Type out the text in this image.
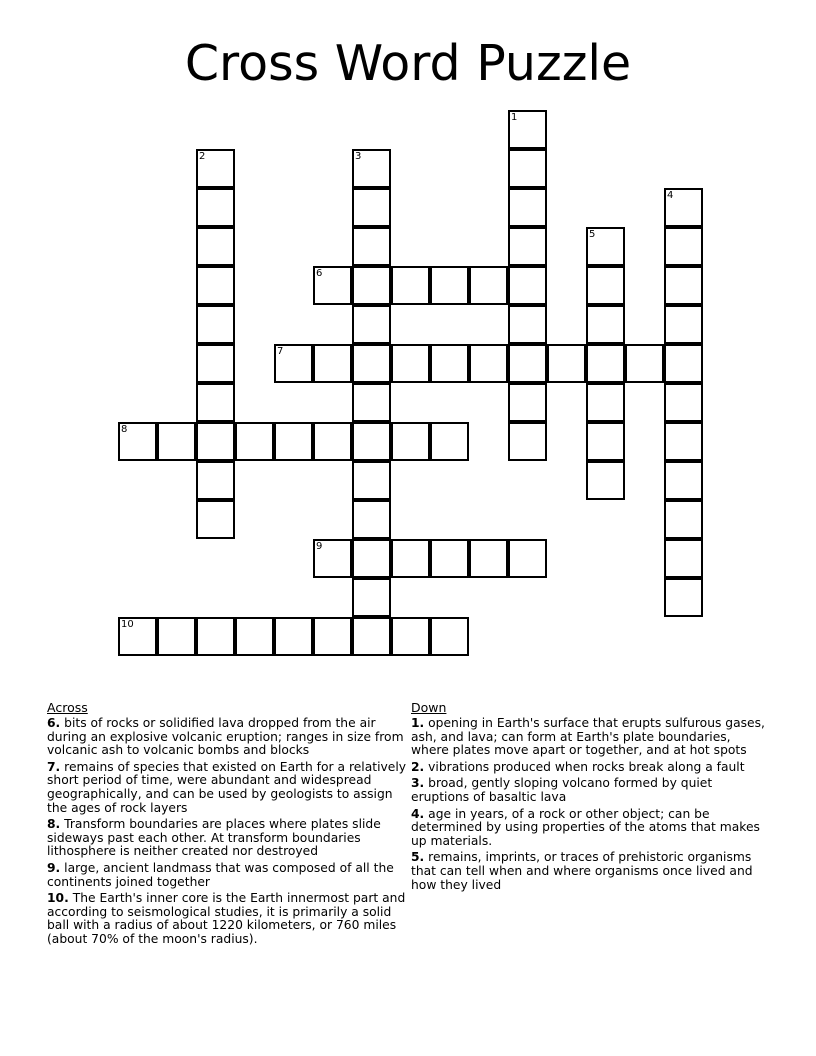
Cross Word Puzzle
1
2	3
4
5
6
7
8
9
10
Across
6. bits of rocks or solidified lava dropped from the air during an explosive volcanic eruption; ranges in size from volcanic ash to volcanic bombs and blocks
7. remains of species that existed on Earth for a relatively short period of time, were abundant and widespread geographically, and can be used by geologists to assign the ages of rock layers
8. Transform boundaries are places where plates slide sideways past each other. At transform boundaries lithosphere is neither created nor destroyed
9. large, ancient landmass that was composed of all the continents joined together
10. The Earth's inner core is the Earth innermost part and according to seismological studies, it is primarily a solid ball with a radius of about 1220 kilometers, or 760 miles (about 70% of the moon's radius).
Down
1. opening in Earth's surface that erupts sulfurous gases, ash, and lava; can form at Earth's plate boundaries, where plates move apart or together, and at hot spots
2. vibrations produced when rocks break along a fault
3. broad, gently sloping volcano formed by quiet eruptions of basaltic lava
4. age in years, of a rock or other object; can be determined by using properties of the atoms that makes up materials.
5. remains, imprints, or traces of prehistoric organisms that can tell when and where organisms once lived and how they lived
